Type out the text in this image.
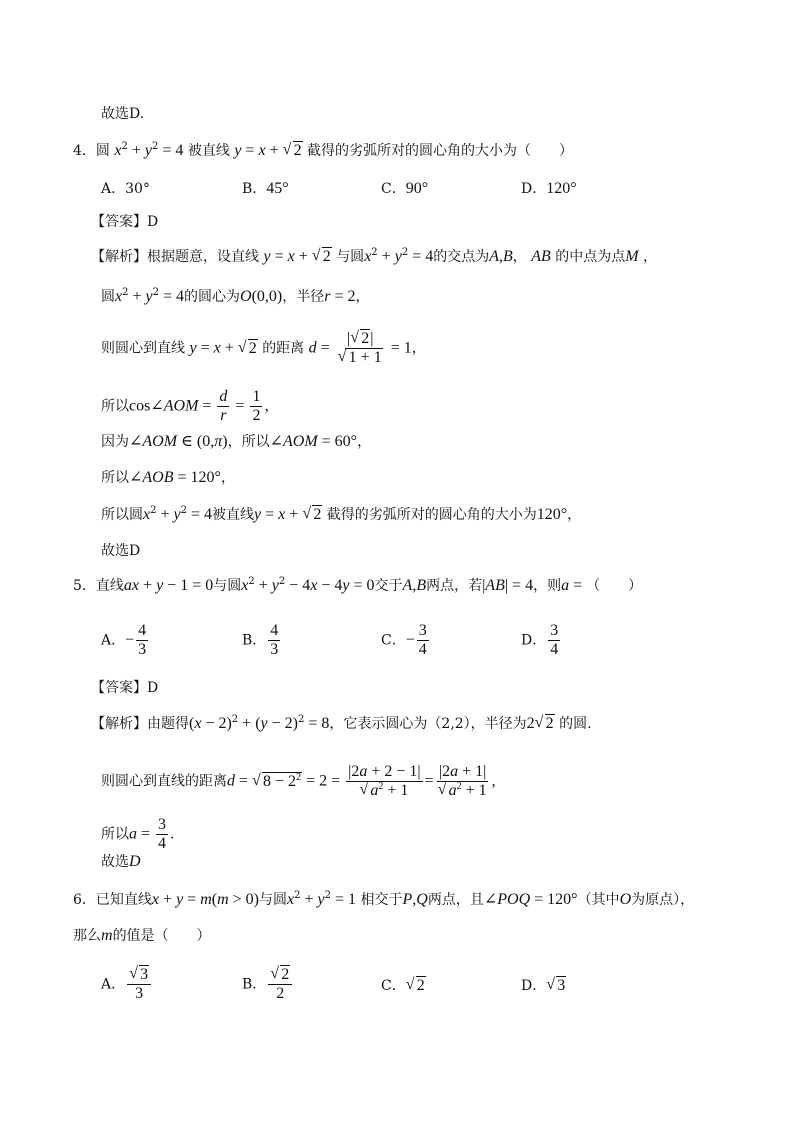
故选D.
4．圆 $x^2 + y^2 = 4$ 被直线 y = x + √ 2 截得的劣弧所对的圆心角的大小为（　　）
A．30°	B．45°	C．90°	D．120°
【答案】D
【解析】根据题意，设直线 y = x + √ 2 与圆$x^2 + y^2 = 4$的交点为A,B， AB 的中点为点M ，
圆$x^2 + y^2 = 4$的圆心为O(0,0)，半径r = 2，
则圆心到直线 y = x + √ 2 的距离 d = | √ 2|
√ 1 + 1 = 1，
所以cos∠AOM = $\frac{d}{r} = \frac{1}{2}$ ，
因为∠AOM ∈ (0,π)，所以∠AOM = 60°，
所以∠AOB = 120°，
所以圆$x^2 + y^2 = 4$被直线y = x + √ 2 截得的劣弧所对的圆心角的大小为120°，
故选D
5．直线ax + y − 1 = 0与圆$x^2 + y^2 - 4x - 4y = 0$交于A,B两点，若|AB| = 4，则a = （　　）
A．− $\frac{4}{3}$	B． $\frac{4}{3}$	C．− $\frac{3}{4}$	D． $\frac{3}{4}$
【答案】D
【解析】由题得$(x - 2)^2 + (y - 2)^2 = 8$，它表示圆心为（2,2），半径为2 √ 2 的圆.
则圆心到直线的距离d = √ $8 - 2^2 = 2 = |2a + 2 - 1|$
√ $a^2 + 1 = |2a + 1|$
√ $a^2 + 1$ ,
所以$a = \frac{3}{4}$ .
故选D
6．已知直线x + y = m(m > 0)与圆$x^2 + y^2 = 1$ 相交于P,Q两点，且∠POQ = 120°（其中O为原点），
那么m的值是（　　）
A． √ $\frac{3}{3}$	B． √ $\frac{2}{2}$	C． √ 2	D． √ 3
